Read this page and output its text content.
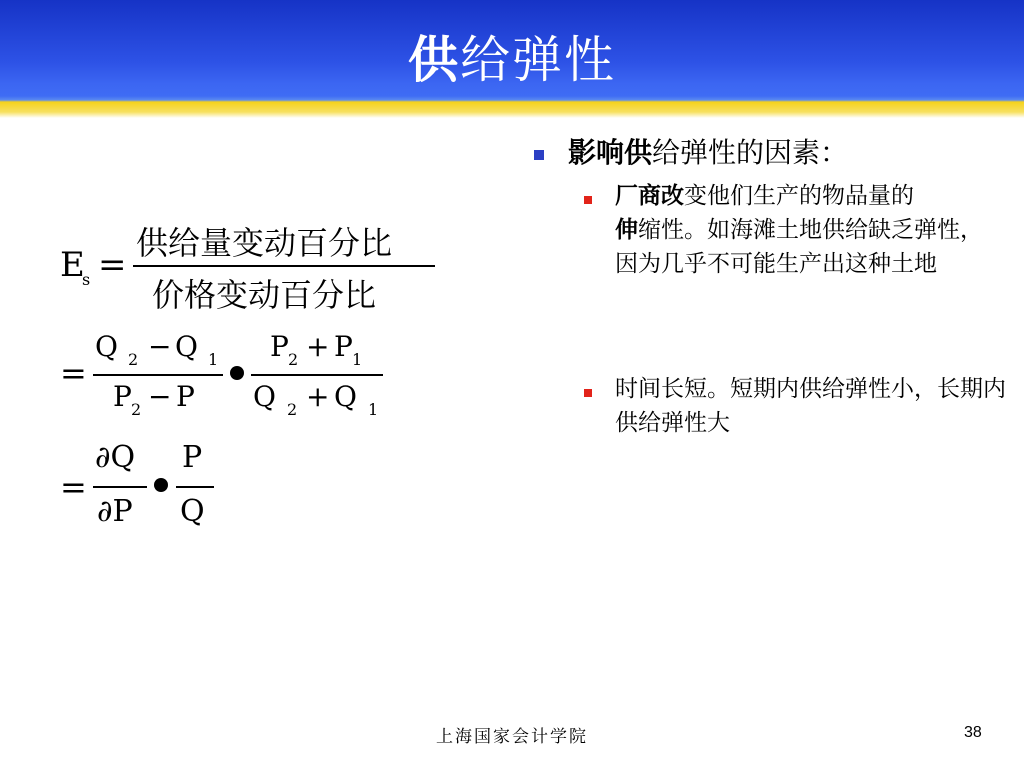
供给弹性
E
s =
供给量变动百分比
价格变动百分比
=
Q 2 − Q 1
P 2 − P
P 2 + P 1
Q 2 + Q 1
=
∂Q
∂P
P
Q
影响供给弹性的因素：
厂商改变他们生产的物品量的
伸缩性。如海滩土地供给缺乏弹性，因为几乎不可能生产出这种土地
时间长短。短期内供给弹性小，长期内供给弹性大
上海国家会计学院	38
